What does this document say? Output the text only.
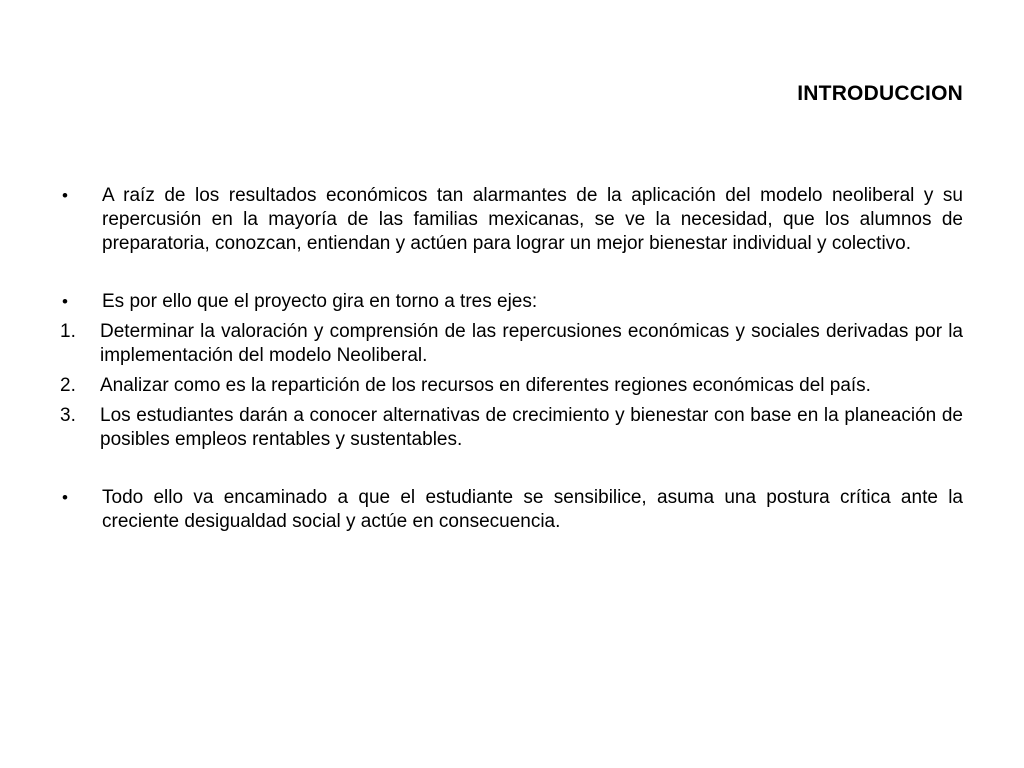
INTRODUCCION
•	A raíz de los resultados económicos tan alarmantes de la aplicación del modelo neoliberal y su repercusión en la mayoría de las familias mexicanas, se ve la necesidad, que los alumnos de preparatoria, conozcan, entiendan y actúen para lograr un mejor bienestar individual y colectivo.
•	Es por ello que el proyecto gira en torno a tres ejes:
1.	Determinar la valoración y comprensión de las repercusiones económicas y sociales derivadas por la implementación del modelo Neoliberal.
2.	Analizar como es la repartición de los recursos en diferentes regiones económicas del país.
3.	Los estudiantes darán a conocer alternativas de crecimiento y bienestar con base en la planeación de posibles empleos rentables y sustentables.
•	Todo ello va encaminado a que el estudiante se sensibilice, asuma una postura crítica ante la creciente desigualdad social y actúe en consecuencia.
